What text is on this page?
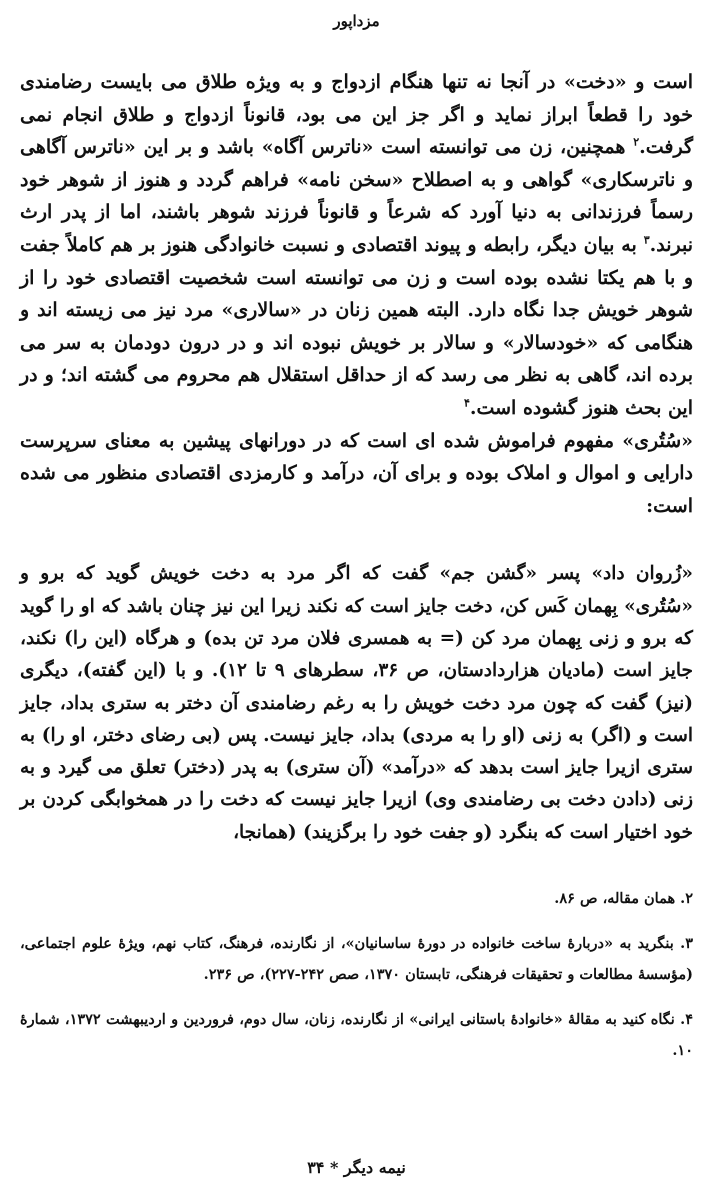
مزداپور

است و «دخت» در آنجا نه تنها هنگام ازدواج و به ویژه طلاق می بایست رضامندی خود را قطعاً ابراز نماید و اگر جز این می بود، قانوناً ازدواج و طلاق انجام نمی گرفت.$^۲$ همچنین، زن می توانسته است «ناترس آگاه» باشد و بر این «ناترس آگاهی و ناترسکاری» گواهی و به اصطلاح «سخن نامه» فراهم گردد و هنوز از شوهر خود رسماً فرزندانی به دنیا آورد که شرعاً و قانوناً فرزند شوهر باشند، اما از پدر ارث نبرند.$^۳$ به بیان دیگر، رابطه و پیوند اقتصادی و نسبت خانوادگی هنوز بر هم کاملاً جفت و با هم یکتا نشده بوده است و زن می توانسته است شخصیت اقتصادی خود را از شوهر خویش جدا نگاه دارد. البته همین زنان در «سالاری» مرد نیز می زیسته اند و هنگامی که «خودسالار» و سالار بر خویش نبوده اند و در درون دودمان به سر می برده اند، گاهی به نظر می رسد که از حداقل استقلال هم محروم می گشته اند؛ و در این بحث هنوز گشوده است.$^۴$

«سُتُری» مفهوم فراموش شده ای است که در دورانهای پیشین به معنای سرپرست دارایی و اموال و املاک بوده و برای آن، درآمد و کارمزدی اقتصادی منظور می شده است:

«زُروان داد» پسر «گشن جم» گفت که اگر مرد به دخت خویش گوید که برو و «سُتُری» بِهمان کَس کن، دخت جایز است که نکند زیرا این نیز چنان باشد که او را گوید که برو و زنی بِهمان مرد کن (= به همسری فلان مرد تن بده) و هرگاه (این را) نکند، جایز است (مادیان هزاردادستان، ص ۳۶، سطرهای ۹ تا ۱۲). و با (این گفته)، دیگری (نیز) گفت که چون مرد دخت خویش را به رغم رضامندی آن دختر به ستری بداد، جایز است و (اگر) به زنی (او را به مردی) بداد، جایز نیست. پس (بی رضای دختر، او را) به ستری ازیرا جایز است بدهد که «درآمد» (آن ستری) به پدر (دختر) تعلق می گیرد و به زنی (دادن دخت بی رضامندی وی) ازیرا جایز نیست که دخت را در همخوابگی کردن بر خود اختیار است که بنگرد (و جفت خود را برگزیند) (همانجا،

۲. همان مقاله، ص ۸۶.

۳. بنگرید به «دربارهٔ ساخت خانواده در دورهٔ ساسانیان»، از نگارنده، فرهنگ، کتاب نهم، ویژهٔ علوم اجتماعی، (مؤسسهٔ مطالعات و تحقیقات فرهنگی، تابستان ۱۳۷۰، صص ۲۴۲-۲۲۷)، ص ۲۳۶.

۴. نگاه کنید به مقالهٔ «خانوادهٔ باستانی ایرانی» از نگارنده، زنان، سال دوم، فروردین و اردیبهشت ۱۳۷۲، شمارهٔ ۱۰.

نیمه دیگر * ۳۴
